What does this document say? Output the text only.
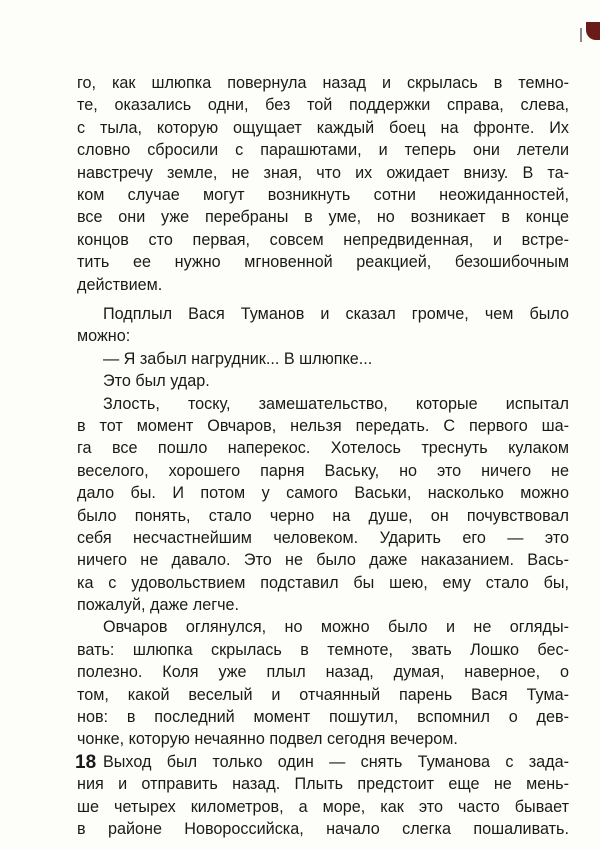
го, как шлюпка повернула назад и скрылась в темно-
те, оказались одни, без той поддержки справа, слева,
с тыла, которую ощущает каждый боец на фронте. Их
словно сбросили с парашютами, и теперь они летели
навстречу земле, не зная, что их ожидает внизу. В та-
ком случае могут возникнуть сотни неожиданностей,
все они уже перебраны в уме, но возникает в конце
концов сто первая, совсем непредвиденная, и встре-
тить ее нужно мгновенной реакцией, безошибочным
действием.
Подплыл Вася Туманов и сказал громче, чем было
можно:
— Я забыл нагрудник... В шлюпке...
Это был удар.
Злость, тоску, замешательство, которые испытал
в тот момент Овчаров, нельзя передать. С первого ша-
га все пошло наперекос. Хотелось треснуть кулаком
веселого, хорошего парня Ваську, но это ничего не
дало бы. И потом у самого Васьки, насколько можно
было понять, стало черно на душе, он почувствовал
себя несчастнейшим человеком. Ударить его — это
ничего не давало. Это не было даже наказанием. Вась-
ка с удовольствием подставил бы шею, ему стало бы,
пожалуй, даже легче.
Овчаров оглянулся, но можно было и не огляды-
вать: шлюпка скрылась в темноте, звать Лошко бес-
полезно. Коля уже плыл назад, думая, наверное, о
том, какой веселый и отчаянный парень Вася Тума-
нов: в последний момент пошутил, вспомнил о дев-
чонке, которую нечаянно подвел сегодня вечером.
Выход был только один — снять Туманова с зада-
ния и отправить назад. Плыть предстоит еще не мень-
ше четырех километров, а море, как это часто бывает
в районе Новороссийска, начало слегка пошаливать.
18
